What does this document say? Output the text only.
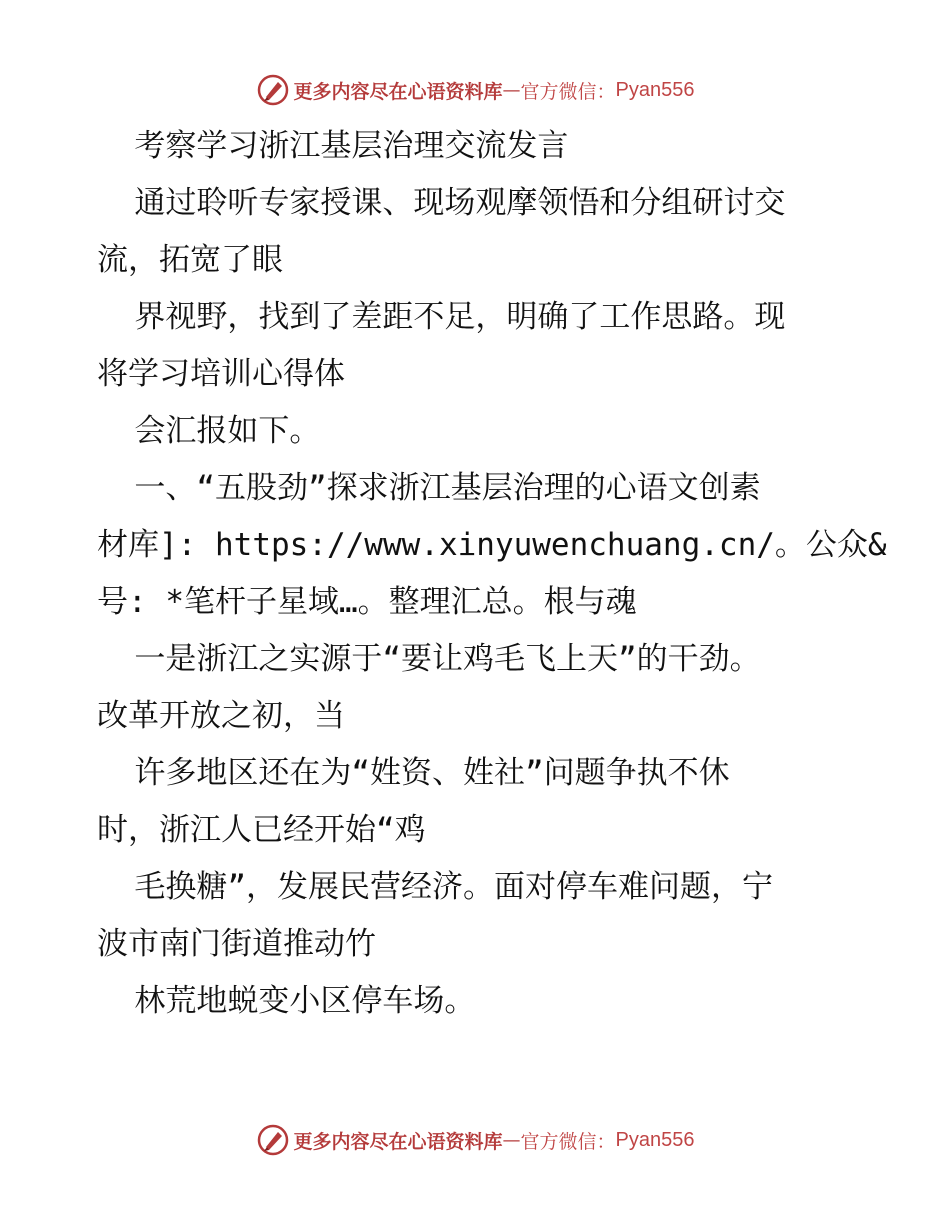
更多内容尽在心语资料库 — 官方微信： Pyan556
考察学习浙江基层治理交流发言
通过聆听专家授课、现场观摩领悟和分组研讨交
流，拓宽了眼
界视野，找到了差距不足，明确了工作思路。现
将学习培训心得体
会汇报如下。
一、“五股劲”探求浙江基层治理的心语文创素
材库]: https://www.xinyuwenchuang.cn/。公众&
号: *笔杆子星域…。整理汇总。根与魂
一是浙江之实源于“要让鸡毛飞上天”的干劲。
改革开放之初，当
许多地区还在为“姓资、姓社”问题争执不休
时，浙江人已经开始“鸡
毛换糖”，发展民营经济。面对停车难问题，宁
波市南门街道推动竹
林荒地蜕变小区停车场。
更多内容尽在心语资料库 — 官方微信： Pyan556
